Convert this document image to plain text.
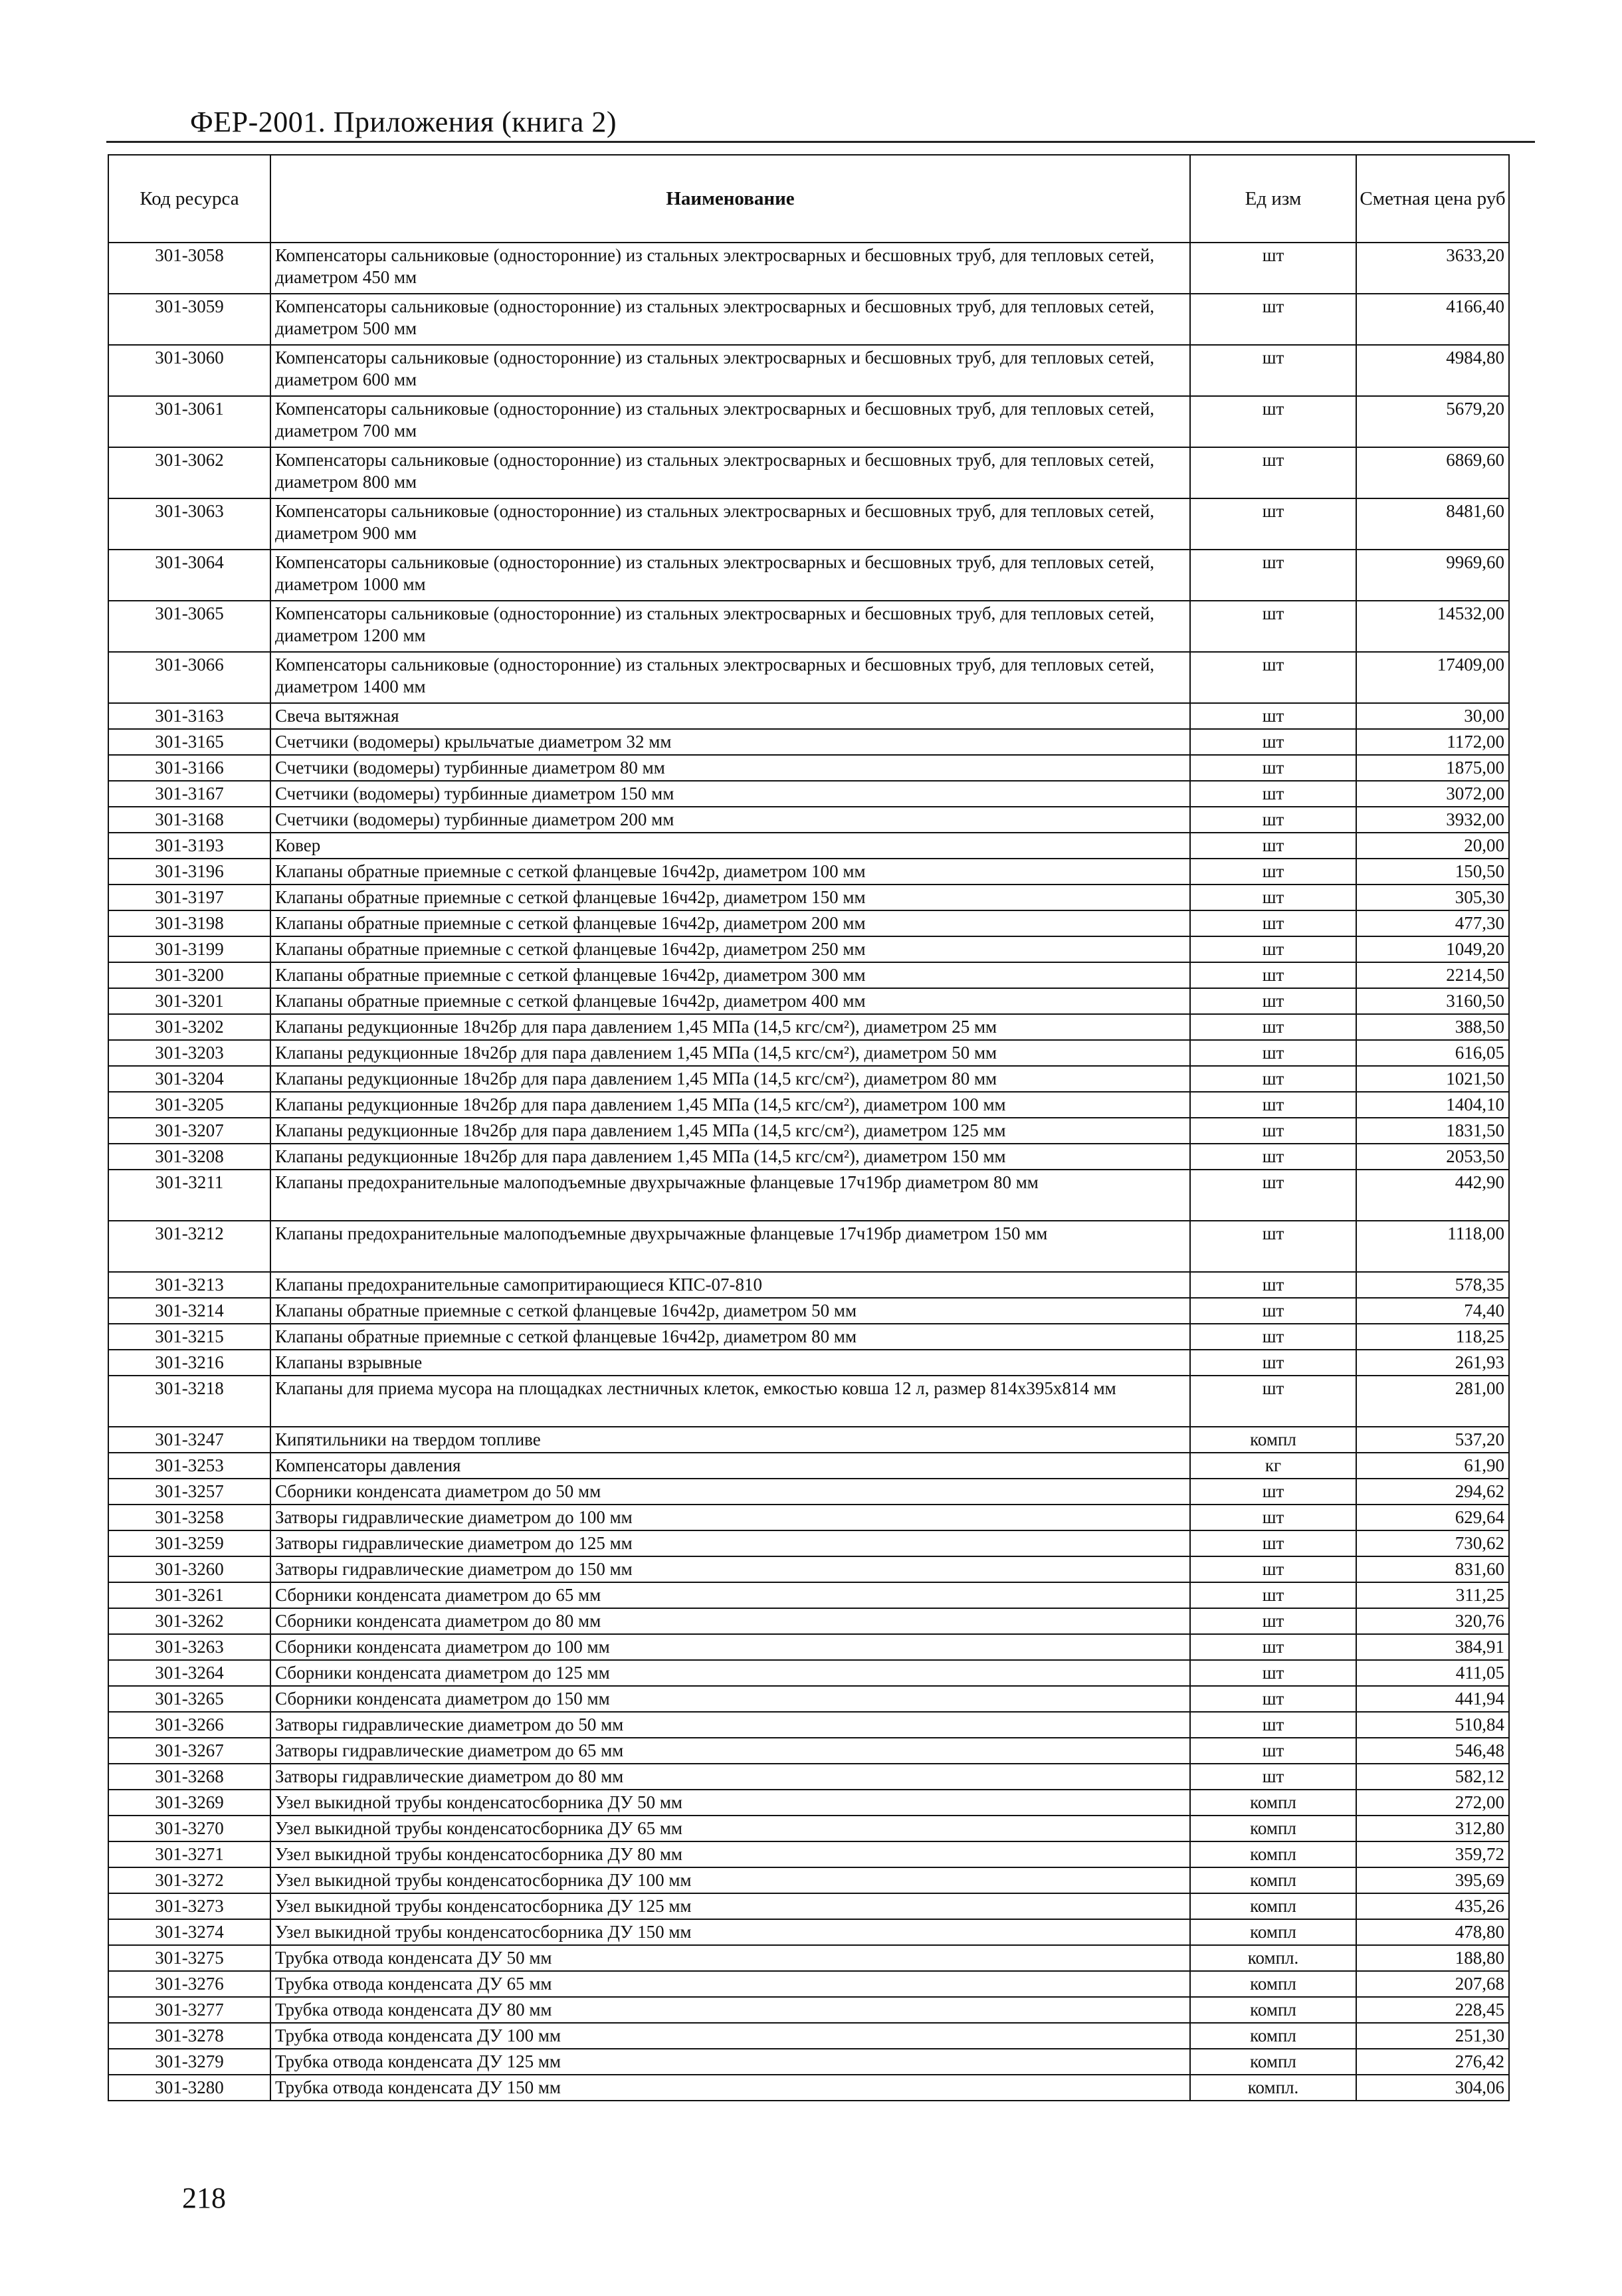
ФЕР-2001. Приложения (книга 2)
Код ресурса	Наименование	Ед изм	Сметная цена руб
301-3058	Компенсаторы сальниковые (односторонние) из стальных электросварных и бесшовных труб, для тепловых сетей, диаметром 450 мм	шт	3633,20
301-3059	Компенсаторы сальниковые (односторонние) из стальных электросварных и бесшовных труб, для тепловых сетей, диаметром 500 мм	шт	4166,40
301-3060	Компенсаторы сальниковые (односторонние) из стальных электросварных и бесшовных труб, для тепловых сетей, диаметром 600 мм	шт	4984,80
301-3061	Компенсаторы сальниковые (односторонние) из стальных электросварных и бесшовных труб, для тепловых сетей, диаметром 700 мм	шт	5679,20
301-3062	Компенсаторы сальниковые (односторонние) из стальных электросварных и бесшовных труб, для тепловых сетей, диаметром 800 мм	шт	6869,60
301-3063	Компенсаторы сальниковые (односторонние) из стальных электросварных и бесшовных труб, для тепловых сетей, диаметром 900 мм	шт	8481,60
301-3064	Компенсаторы сальниковые (односторонние) из стальных электросварных и бесшовных труб, для тепловых сетей, диаметром 1000 мм	шт	9969,60
301-3065	Компенсаторы сальниковые (односторонние) из стальных электросварных и бесшовных труб, для тепловых сетей, диаметром 1200 мм	шт	14532,00
301-3066	Компенсаторы сальниковые (односторонние) из стальных электросварных и бесшовных труб, для тепловых сетей, диаметром 1400 мм	шт	17409,00
301-3163	Свеча вытяжная	шт	30,00
301-3165	Счетчики (водомеры) крыльчатые диаметром 32 мм	шт	1172,00
301-3166	Счетчики (водомеры) турбинные диаметром 80 мм	шт	1875,00
301-3167	Счетчики (водомеры) турбинные диаметром 150 мм	шт	3072,00
301-3168	Счетчики (водомеры) турбинные диаметром 200 мм	шт	3932,00
301-3193	Ковер	шт	20,00
301-3196	Клапаны обратные приемные с сеткой фланцевые 16ч42р, диаметром 100 мм	шт	150,50
301-3197	Клапаны обратные приемные с сеткой фланцевые 16ч42р, диаметром 150 мм	шт	305,30
301-3198	Клапаны обратные приемные с сеткой фланцевые 16ч42р, диаметром 200 мм	шт	477,30
301-3199	Клапаны обратные приемные с сеткой фланцевые 16ч42р, диаметром 250 мм	шт	1049,20
301-3200	Клапаны обратные приемные с сеткой фланцевые 16ч42р, диаметром 300 мм	шт	2214,50
301-3201	Клапаны обратные приемные с сеткой фланцевые 16ч42р, диаметром 400 мм	шт	3160,50
301-3202	Клапаны редукционные 18ч2бр для пара давлением 1,45 МПа (14,5 кгс/см²), диаметром 25 мм	шт	388,50
301-3203	Клапаны редукционные 18ч2бр для пара давлением 1,45 МПа (14,5 кгс/см²), диаметром 50 мм	шт	616,05
301-3204	Клапаны редукционные 18ч2бр для пара давлением 1,45 МПа (14,5 кгс/см²), диаметром 80 мм	шт	1021,50
301-3205	Клапаны редукционные 18ч2бр для пара давлением 1,45 МПа (14,5 кгс/см²), диаметром 100 мм	шт	1404,10
301-3207	Клапаны редукционные 18ч2бр для пара давлением 1,45 МПа (14,5 кгс/см²), диаметром 125 мм	шт	1831,50
301-3208	Клапаны редукционные 18ч2бр для пара давлением 1,45 МПа (14,5 кгс/см²), диаметром 150 мм	шт	2053,50
301-3211	Клапаны предохранительные малоподъемные двухрычажные фланцевые 17ч19бр диаметром 80 мм	шт	442,90
301-3212	Клапаны предохранительные малоподъемные двухрычажные фланцевые 17ч19бр диаметром 150 мм	шт	1118,00
301-3213	Клапаны предохранительные самопритирающиеся КПС-07-810	шт	578,35
301-3214	Клапаны обратные приемные с сеткой фланцевые 16ч42р, диаметром 50 мм	шт	74,40
301-3215	Клапаны обратные приемные с сеткой фланцевые 16ч42р, диаметром 80 мм	шт	118,25
301-3216	Клапаны взрывные	шт	261,93
301-3218	Клапаны для приема мусора на площадках лестничных клеток, емкостью ковша 12 л, размер 814х395х814 мм	шт	281,00
301-3247	Кипятильники на твердом топливе	компл	537,20
301-3253	Компенсаторы давления	кг	61,90
301-3257	Сборники конденсата диаметром до 50 мм	шт	294,62
301-3258	Затворы гидравлические диаметром до 100 мм	шт	629,64
301-3259	Затворы гидравлические диаметром до 125 мм	шт	730,62
301-3260	Затворы гидравлические диаметром до 150 мм	шт	831,60
301-3261	Сборники конденсата диаметром до 65 мм	шт	311,25
301-3262	Сборники конденсата диаметром до 80 мм	шт	320,76
301-3263	Сборники конденсата диаметром до 100 мм	шт	384,91
301-3264	Сборники конденсата диаметром до 125 мм	шт	411,05
301-3265	Сборники конденсата диаметром до 150 мм	шт	441,94
301-3266	Затворы гидравлические диаметром до 50 мм	шт	510,84
301-3267	Затворы гидравлические диаметром до 65 мм	шт	546,48
301-3268	Затворы гидравлические диаметром до 80 мм	шт	582,12
301-3269	Узел выкидной трубы конденсатосборника ДУ 50 мм	компл	272,00
301-3270	Узел выкидной трубы конденсатосборника ДУ 65 мм	компл	312,80
301-3271	Узел выкидной трубы конденсатосборника ДУ 80 мм	компл	359,72
301-3272	Узел выкидной трубы конденсатосборника ДУ 100 мм	компл	395,69
301-3273	Узел выкидной трубы конденсатосборника ДУ 125 мм	компл	435,26
301-3274	Узел выкидной трубы конденсатосборника ДУ 150 мм	компл	478,80
301-3275	Трубка отвода конденсата ДУ 50 мм	компл.	188,80
301-3276	Трубка отвода конденсата ДУ 65 мм	компл	207,68
301-3277	Трубка отвода конденсата ДУ 80 мм	компл	228,45
301-3278	Трубка отвода конденсата ДУ 100 мм	компл	251,30
301-3279	Трубка отвода конденсата ДУ 125 мм	компл	276,42
301-3280	Трубка отвода конденсата ДУ 150 мм	компл.	304,06
218
